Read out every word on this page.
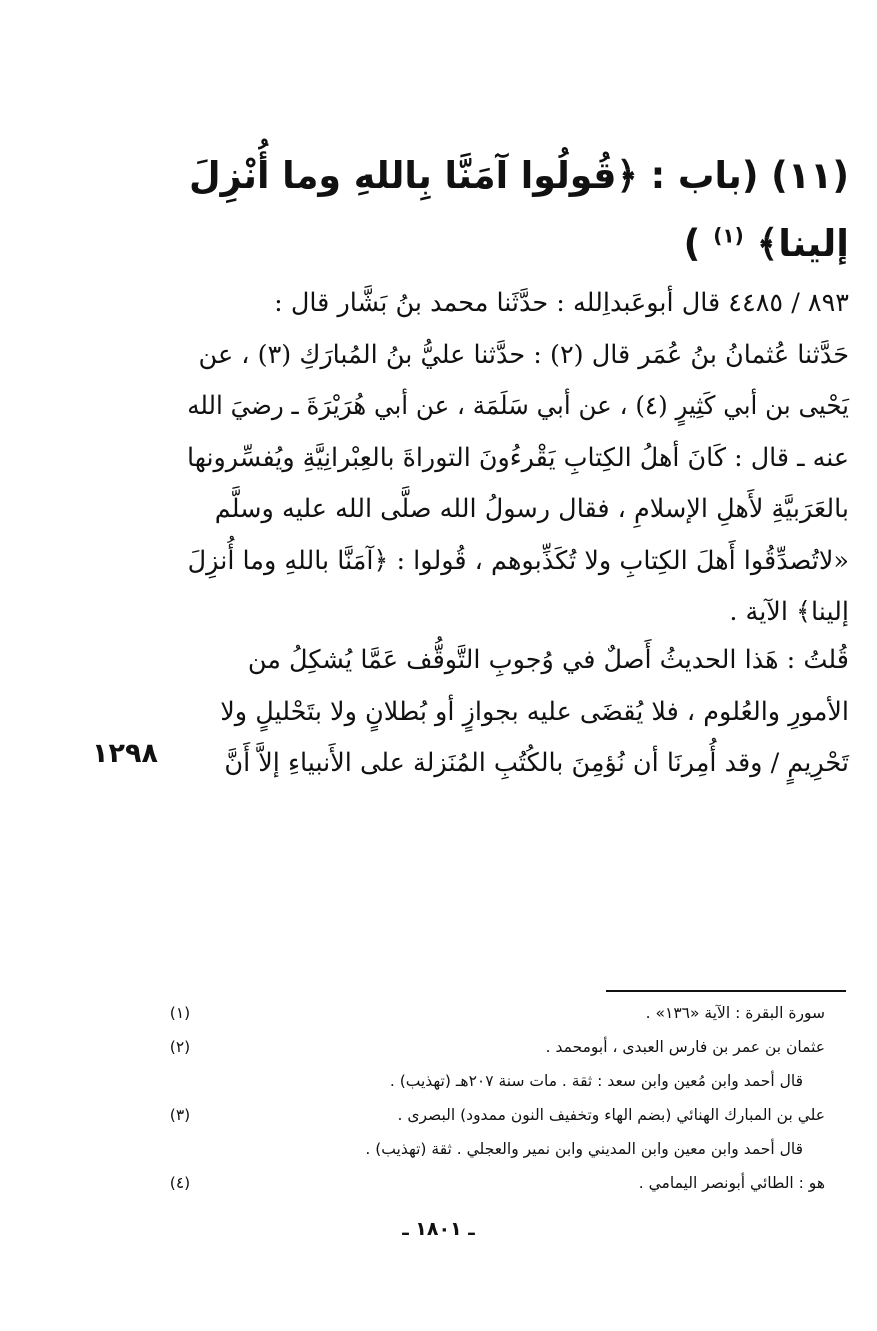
(١١) (باب : ﴿قُولُوا آمَنَّا بِاللهِ وما أُنْزِلَ
إلينا﴾ $^{(١)}$ )
٨٩٣ / ٤٤٨٥ قال أبوعَبداِلله : حدَّثَنا محمد بنُ بَشَّار قال :
حَدَّثنا عُثمانُ بنُ عُمَر قال (٢) : حدَّثنا عليُّ بنُ المُبارَكِ (٣) ، عن
يَحْيى بن أبي كَثِيرٍ (٤) ، عن أبي سَلَمَة ، عن أبي هُرَيْرَةَ ـ رضيَ الله
عنه ـ قال : كَانَ أهلُ الكِتابِ يَقْرءُونَ التوراةَ بالعِبْرانِيَّةِ ويُفسِّرونها
بالعَرَبيَّةِ لأَهلِ الإسلامِ ، فقال رسولُ الله صلَّى الله عليه وسلَّم
«لاتُصدِّقُوا أَهلَ الكِتابِ ولا تُكَذِّبوهم ، قُولوا : ﴿آمَنَّا باللهِ وما أُنزِلَ
إلينا﴾ الآية .
قُلتُ : هَذا الحديثُ أَصلٌ في وُجوبِ التَّوقُّف عَمَّا يُشكِلُ من
الأمورِ والعُلوم ، فلا يُقضَى عليه بجوازٍ أو بُطلانٍ ولا بتَحْليلٍ ولا
تَحْرِيمٍ / وقد أُمِرنَا أن نُؤمِنَ بالكُتُبِ المُنَزلة على الأَنبياءِ إلاَّ أَنَّ
١٢٩٨
(١)	سورة البقرة : الآية «١٣٦» .
(٢)	عثمان بن عمر بن فارس العبدى ، أبومحمد .
قال أحمد وابن مُعين وابن سعد : ثقة . مات سنة ٢٠٧هـ (تهذيب) .
(٣)	علي بن المبارك الهنائي (بضم الهاء وتخفيف النون ممدود) البصرى .
قال أحمد وابن معين وابن المديني وابن نمير والعجلي . ثقة (تهذيب) .
(٤)	هو : الطائي أبونصر اليمامي .
ـ ١٨٠١ ـ
